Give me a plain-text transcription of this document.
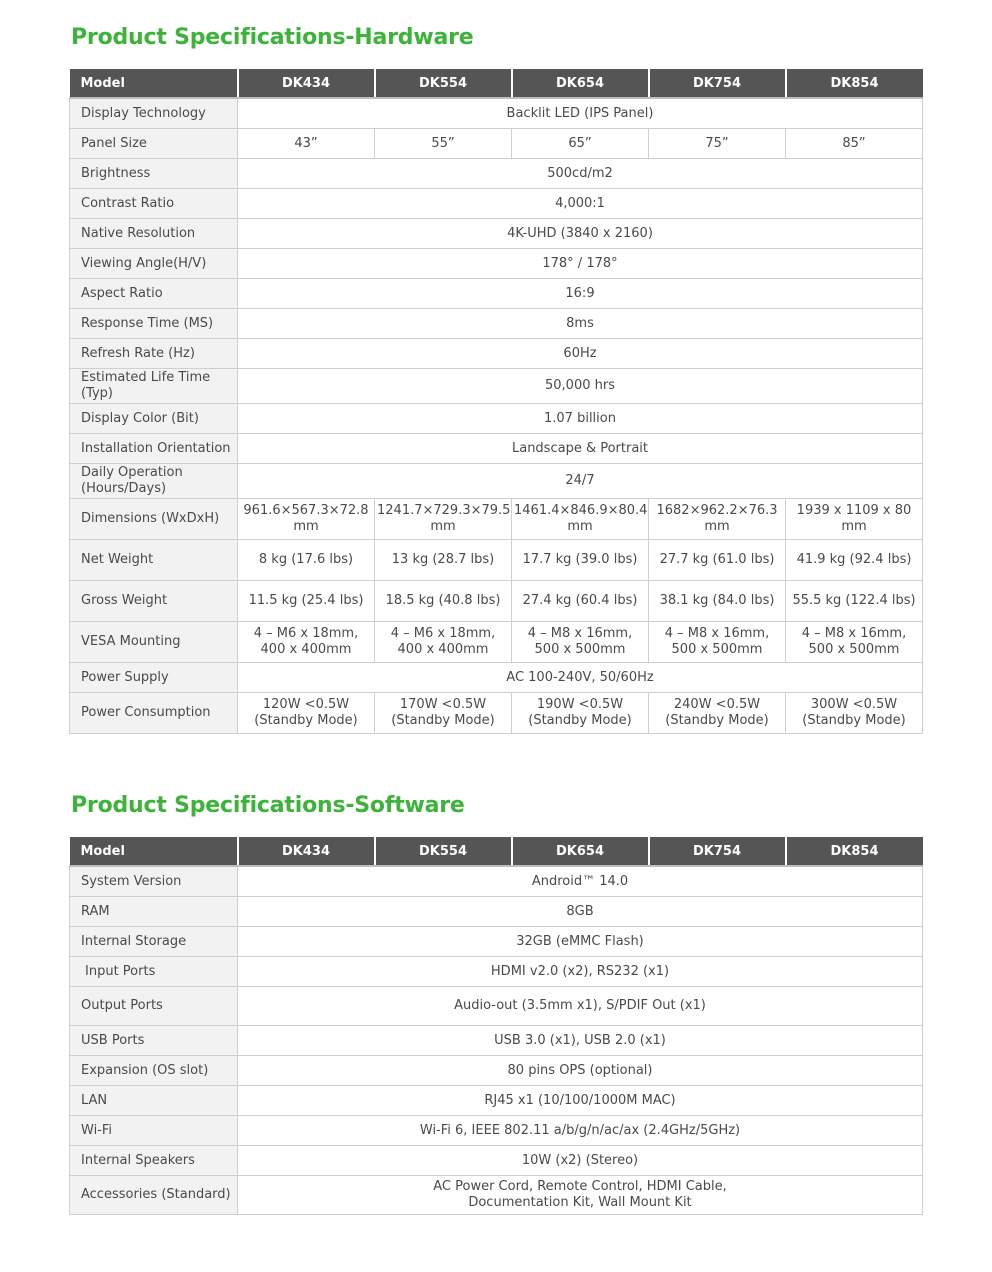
Product Specifications-Hardware
Model	DK434	DK554	DK654	DK754	DK854
Display Technology	Backlit LED (IPS Panel)				
Panel Size	43”	55”	65”	75”	85”
Brightness	500cd/m2				
Contrast Ratio	4,000:1				
Native Resolution	4K-UHD (3840 x 2160)				
Viewing Angle(H/V)	178° / 178°				
Aspect Ratio	16:9				
Response Time (MS)	8ms				
Refresh Rate (Hz)	60Hz				
Estimated Life Time (Typ)	50,000 hrs				
Display Color (Bit)	1.07 billion				
Installation Orientation	Landscape & Portrait				
Daily Operation (Hours/Days)	24/7				
Dimensions (WxDxH)	961.6×567.3×72.8 mm	1241.7×729.3×79.5 mm	1461.4×846.9×80.4 mm	1682×962.2×76.3 mm	1939 x 1109 x 80 mm
Net Weight	8 kg (17.6 lbs)	13 kg (28.7 lbs)	17.7 kg (39.0 lbs)	27.7 kg (61.0 lbs)	41.9 kg (92.4 lbs)
Gross Weight	11.5 kg (25.4 lbs)	18.5 kg (40.8 lbs)	27.4 kg (60.4 lbs)	38.1 kg (84.0 lbs)	55.5 kg (122.4 lbs)
VESA Mounting	4 – M6 x 18mm, 400 x 400mm	4 – M6 x 18mm, 400 x 400mm	4 – M8 x 16mm, 500 x 500mm	4 – M8 x 16mm, 500 x 500mm	4 – M8 x 16mm, 500 x 500mm
Power Supply	AC 100-240V, 50/60Hz				
Power Consumption	120W <0.5W (Standby Mode)	170W <0.5W (Standby Mode)	190W <0.5W (Standby Mode)	240W <0.5W (Standby Mode)	300W <0.5W (Standby Mode)
Product Specifications-Software
Model	DK434	DK554	DK654	DK754	DK854
System Version	Android™ 14.0				
RAM	8GB				
Internal Storage	32GB (eMMC Flash)				
Input Ports	HDMI v2.0 (x2), RS232 (x1)				
Output Ports	Audio-out (3.5mm x1), S/PDIF Out (x1)				
USB Ports	USB 3.0 (x1), USB 2.0 (x1)				
Expansion (OS slot)	80 pins OPS (optional)				
LAN	RJ45 x1 (10/100/1000M MAC)				
Wi-Fi	Wi-Fi 6, IEEE 802.11 a/b/g/n/ac/ax (2.4GHz/5GHz)				
Internal Speakers	10W (x2) (Stereo)				
Accessories (Standard)	AC Power Cord, Remote Control, HDMI Cable, Documentation Kit, Wall Mount Kit				
